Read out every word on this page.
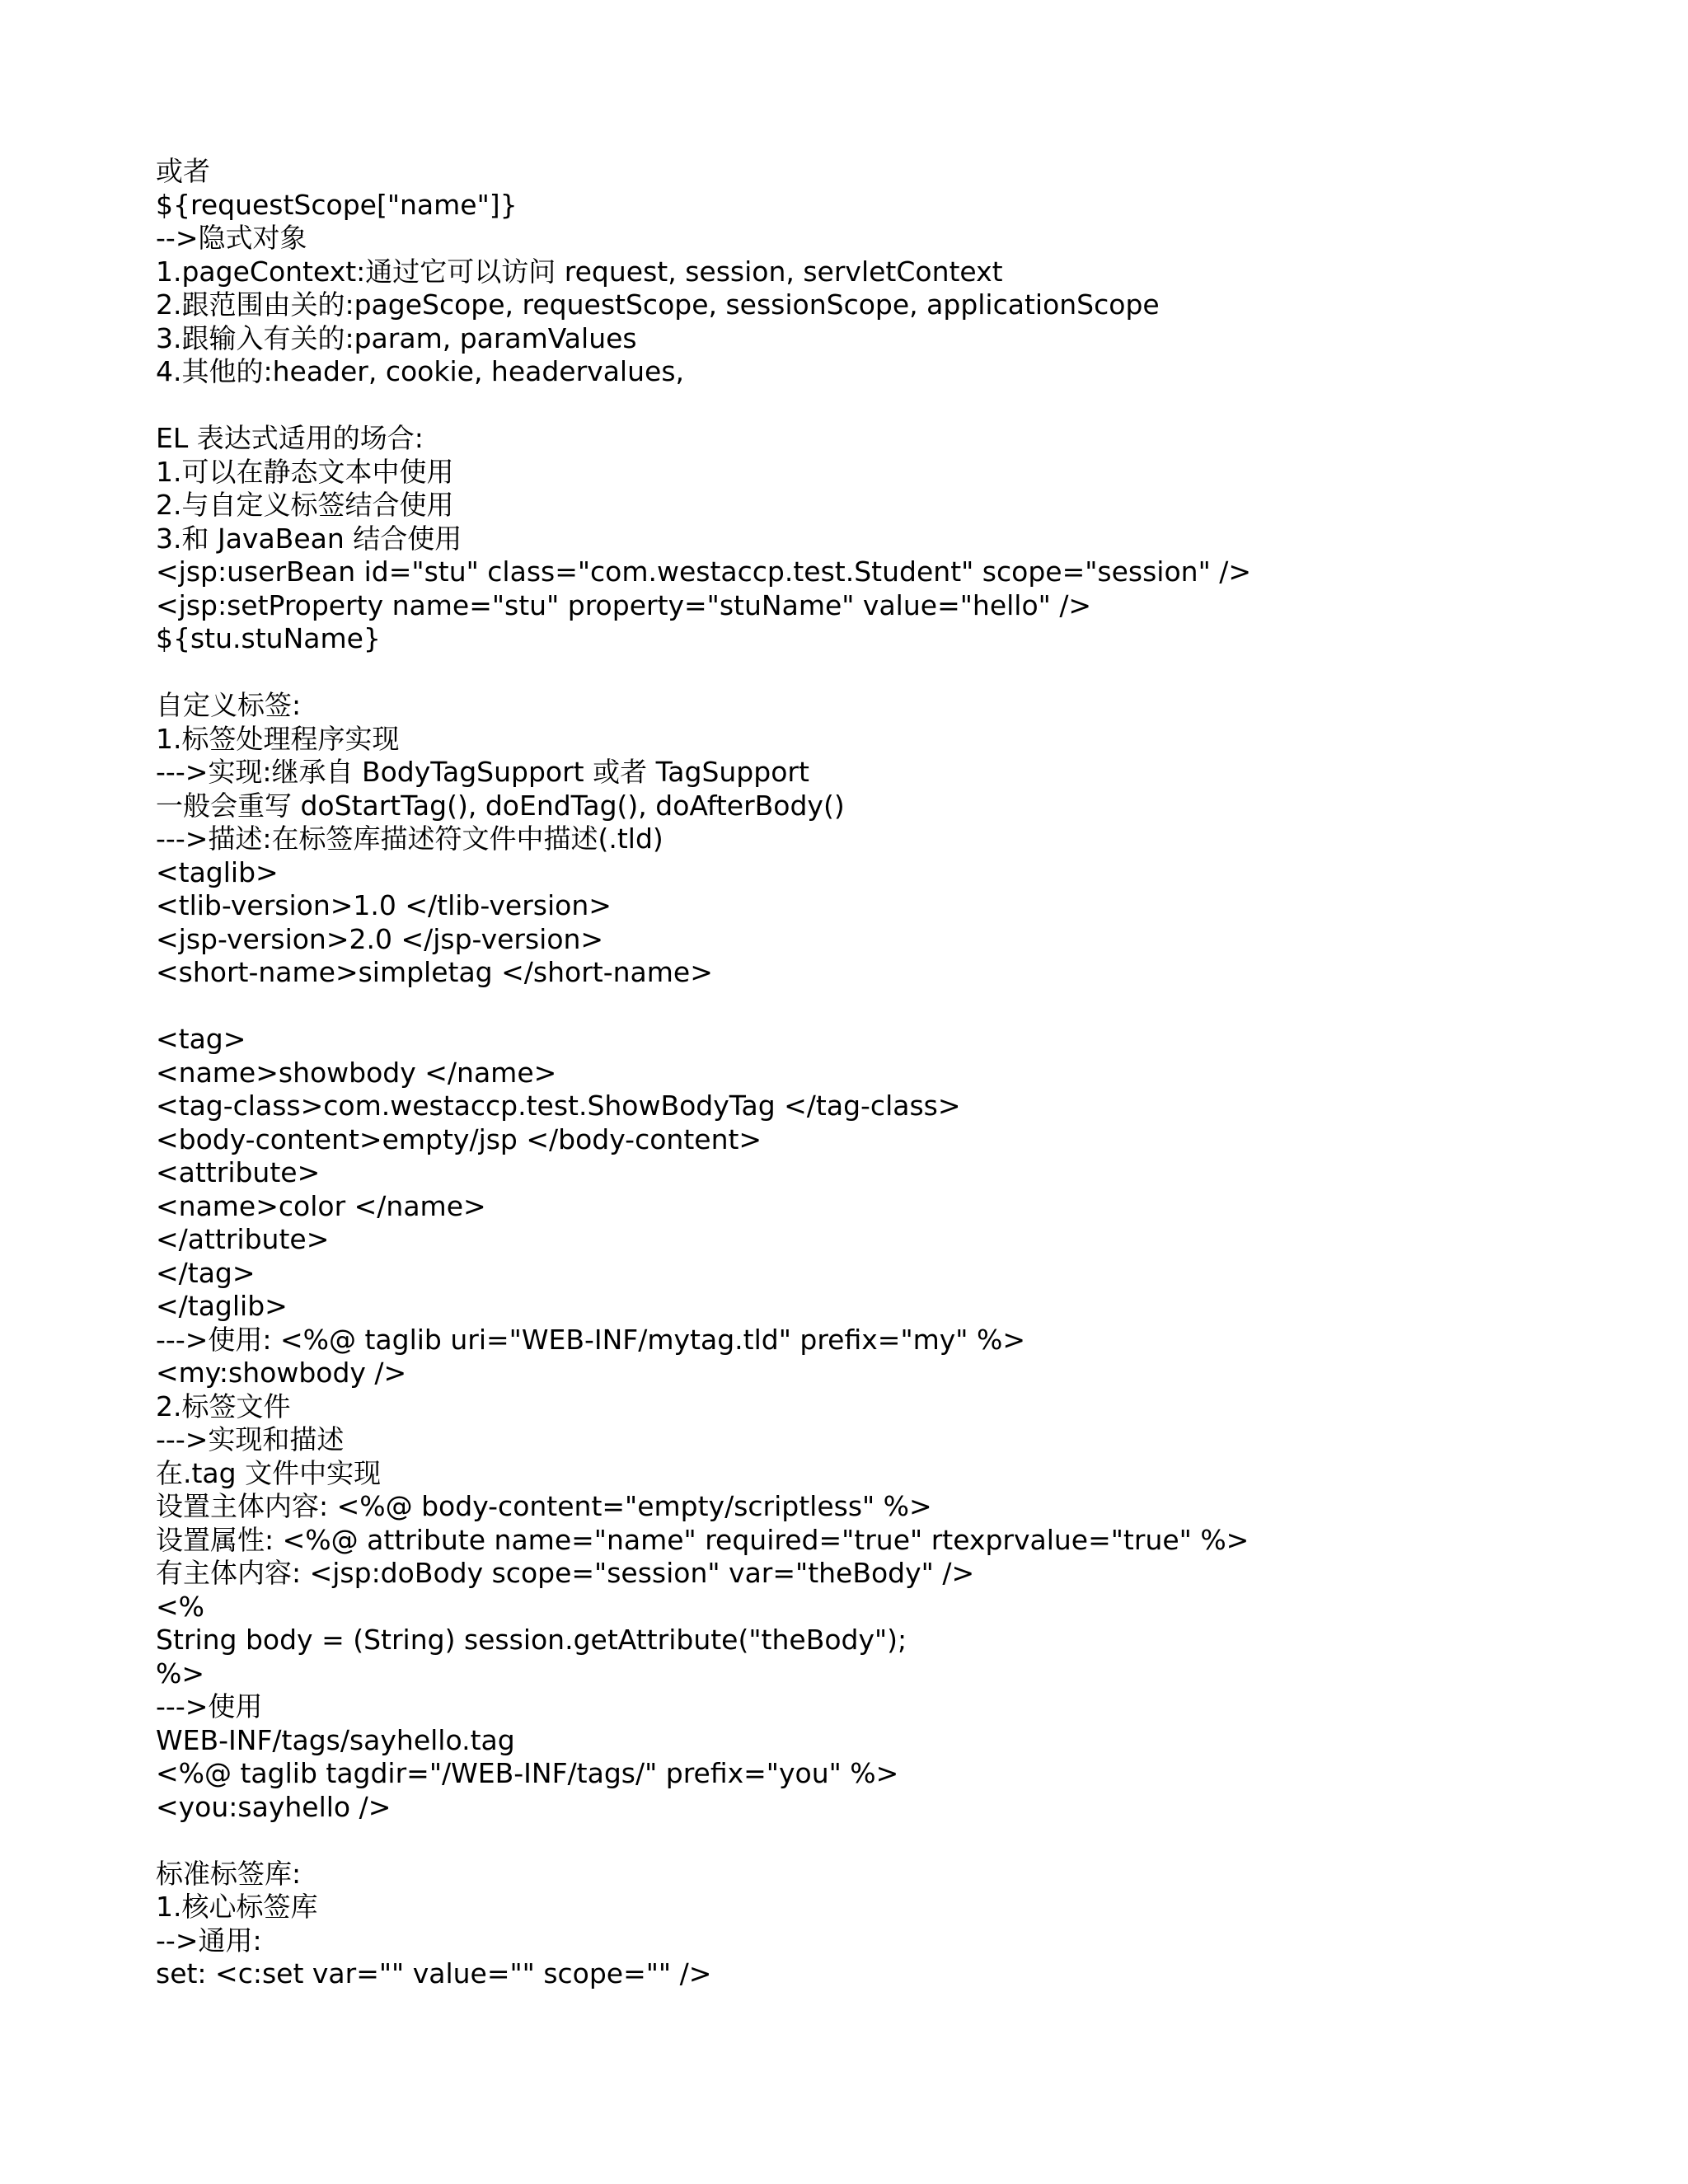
或者
${requestScope["name"]}
-->隐式对象
1.pageContext:通过它可以访问 request, session, servletContext
2.跟范围由关的:pageScope, requestScope, sessionScope, applicationScope
3.跟输入有关的:param, paramValues
4.其他的:header, cookie, headervalues,
EL 表达式适用的场合:
1.可以在静态文本中使用
2.与自定义标签结合使用
3.和 JavaBean 结合使用
<jsp:userBean id="stu" class="com.westaccp.test.Student" scope="session" />
<jsp:setProperty name="stu" property="stuName" value="hello" />
${stu.stuName}
自定义标签:
1.标签处理程序实现
--->实现:继承自 BodyTagSupport 或者 TagSupport
一般会重写 doStartTag(), doEndTag(), doAfterBody()
--->描述:在标签库描述符文件中描述(.tld)
<taglib>
<tlib-version>1.0 </tlib-version>
<jsp-version>2.0 </jsp-version>
<short-name>simpletag </short-name>
<tag>
<name>showbody </name>
<tag-class>com.westaccp.test.ShowBodyTag </tag-class>
<body-content>empty/jsp </body-content>
<attribute>
<name>color </name>
</attribute>
</tag>
</taglib>
--->使用: <%@ taglib uri="WEB-INF/mytag.tld" prefix="my" %>
<my:showbody />
2.标签文件
--->实现和描述
在.tag 文件中实现
设置主体内容: <%@ body-content="empty/scriptless" %>
设置属性: <%@ attribute name="name" required="true" rtexprvalue="true" %>
有主体内容: <jsp:doBody scope="session" var="theBody" />
<%
String body = (String) session.getAttribute("theBody");
%>
--->使用
WEB-INF/tags/sayhello.tag
<%@ taglib tagdir="/WEB-INF/tags/" prefix="you" %>
<you:sayhello />
标准标签库:
1.核心标签库
-->通用:
set: <c:set var="" value="" scope="" />
